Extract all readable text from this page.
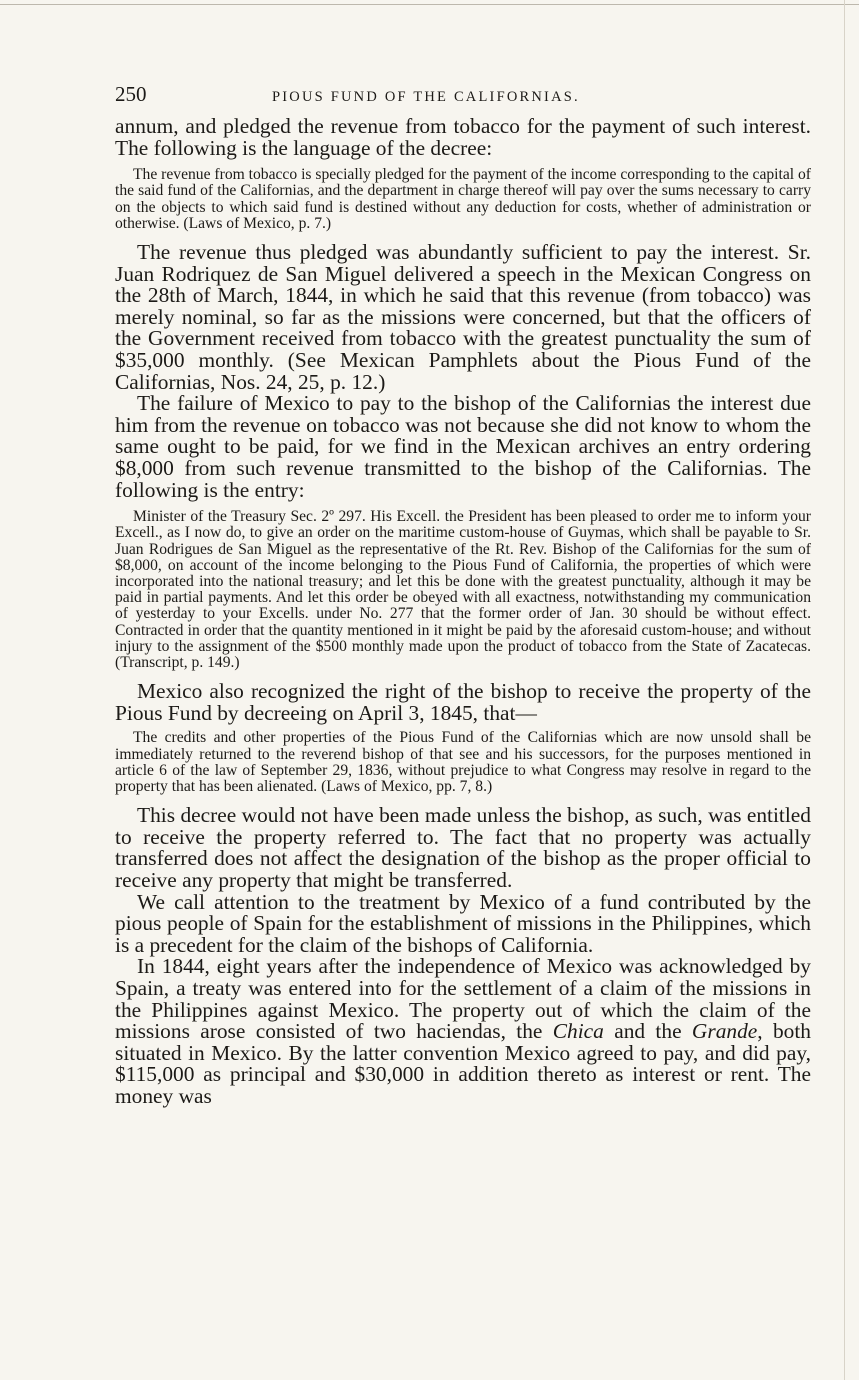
250	PIOUS FUND OF THE CALIFORNIAS.

annum, and pledged the revenue from tobacco for the payment of such interest. The following is the language of the decree:

The revenue from tobacco is specially pledged for the payment of the income corresponding to the capital of the said fund of the Californias, and the department in charge thereof will pay over the sums necessary to carry on the objects to which said fund is destined without any deduction for costs, whether of administration or otherwise. (Laws of Mexico, p. 7.)

The revenue thus pledged was abundantly sufficient to pay the interest. Sr. Juan Rodriquez de San Miguel delivered a speech in the Mexican Congress on the 28th of March, 1844, in which he said that this revenue (from tobacco) was merely nominal, so far as the missions were concerned, but that the officers of the Government received from tobacco with the greatest punctuality the sum of $35,000 monthly. (See Mexican Pamphlets about the Pious Fund of the Californias, Nos. 24, 25, p. 12.)

The failure of Mexico to pay to the bishop of the Californias the interest due him from the revenue on tobacco was not because she did not know to whom the same ought to be paid, for we find in the Mexican archives an entry ordering $8,000 from such revenue transmitted to the bishop of the Californias. The following is the entry:

Minister of the Treasury Sec. 2º 297. His Excell. the President has been pleased to order me to inform your Excell., as I now do, to give an order on the maritime custom-house of Guymas, which shall be payable to Sr. Juan Rodrigues de San Miguel as the representative of the Rt. Rev. Bishop of the Californias for the sum of $8,000, on account of the income belonging to the Pious Fund of California, the properties of which were incorporated into the national treasury; and let this be done with the greatest punctuality, although it may be paid in partial payments. And let this order be obeyed with all exactness, notwithstanding my communication of yesterday to your Excells. under No. 277 that the former order of Jan. 30 should be without effect. Contracted in order that the quantity mentioned in it might be paid by the aforesaid custom-house; and without injury to the assignment of the $500 monthly made upon the product of tobacco from the State of Zacatecas. (Transcript, p. 149.)

Mexico also recognized the right of the bishop to receive the property of the Pious Fund by decreeing on April 3, 1845, that—

The credits and other properties of the Pious Fund of the Californias which are now unsold shall be immediately returned to the reverend bishop of that see and his successors, for the purposes mentioned in article 6 of the law of September 29, 1836, without prejudice to what Congress may resolve in regard to the property that has been alienated. (Laws of Mexico, pp. 7, 8.)

This decree would not have been made unless the bishop, as such, was entitled to receive the property referred to. The fact that no property was actually transferred does not affect the designation of the bishop as the proper official to receive any property that might be transferred.

We call attention to the treatment by Mexico of a fund contributed by the pious people of Spain for the establishment of missions in the Philippines, which is a precedent for the claim of the bishops of California.

In 1844, eight years after the independence of Mexico was acknowledged by Spain, a treaty was entered into for the settlement of a claim of the missions in the Philippines against Mexico. The property out of which the claim of the missions arose consisted of two haciendas, the Chica and the Grande, both situated in Mexico. By the latter convention Mexico agreed to pay, and did pay, $115,000 as principal and $30,000 in addition thereto as interest or rent. The money was
